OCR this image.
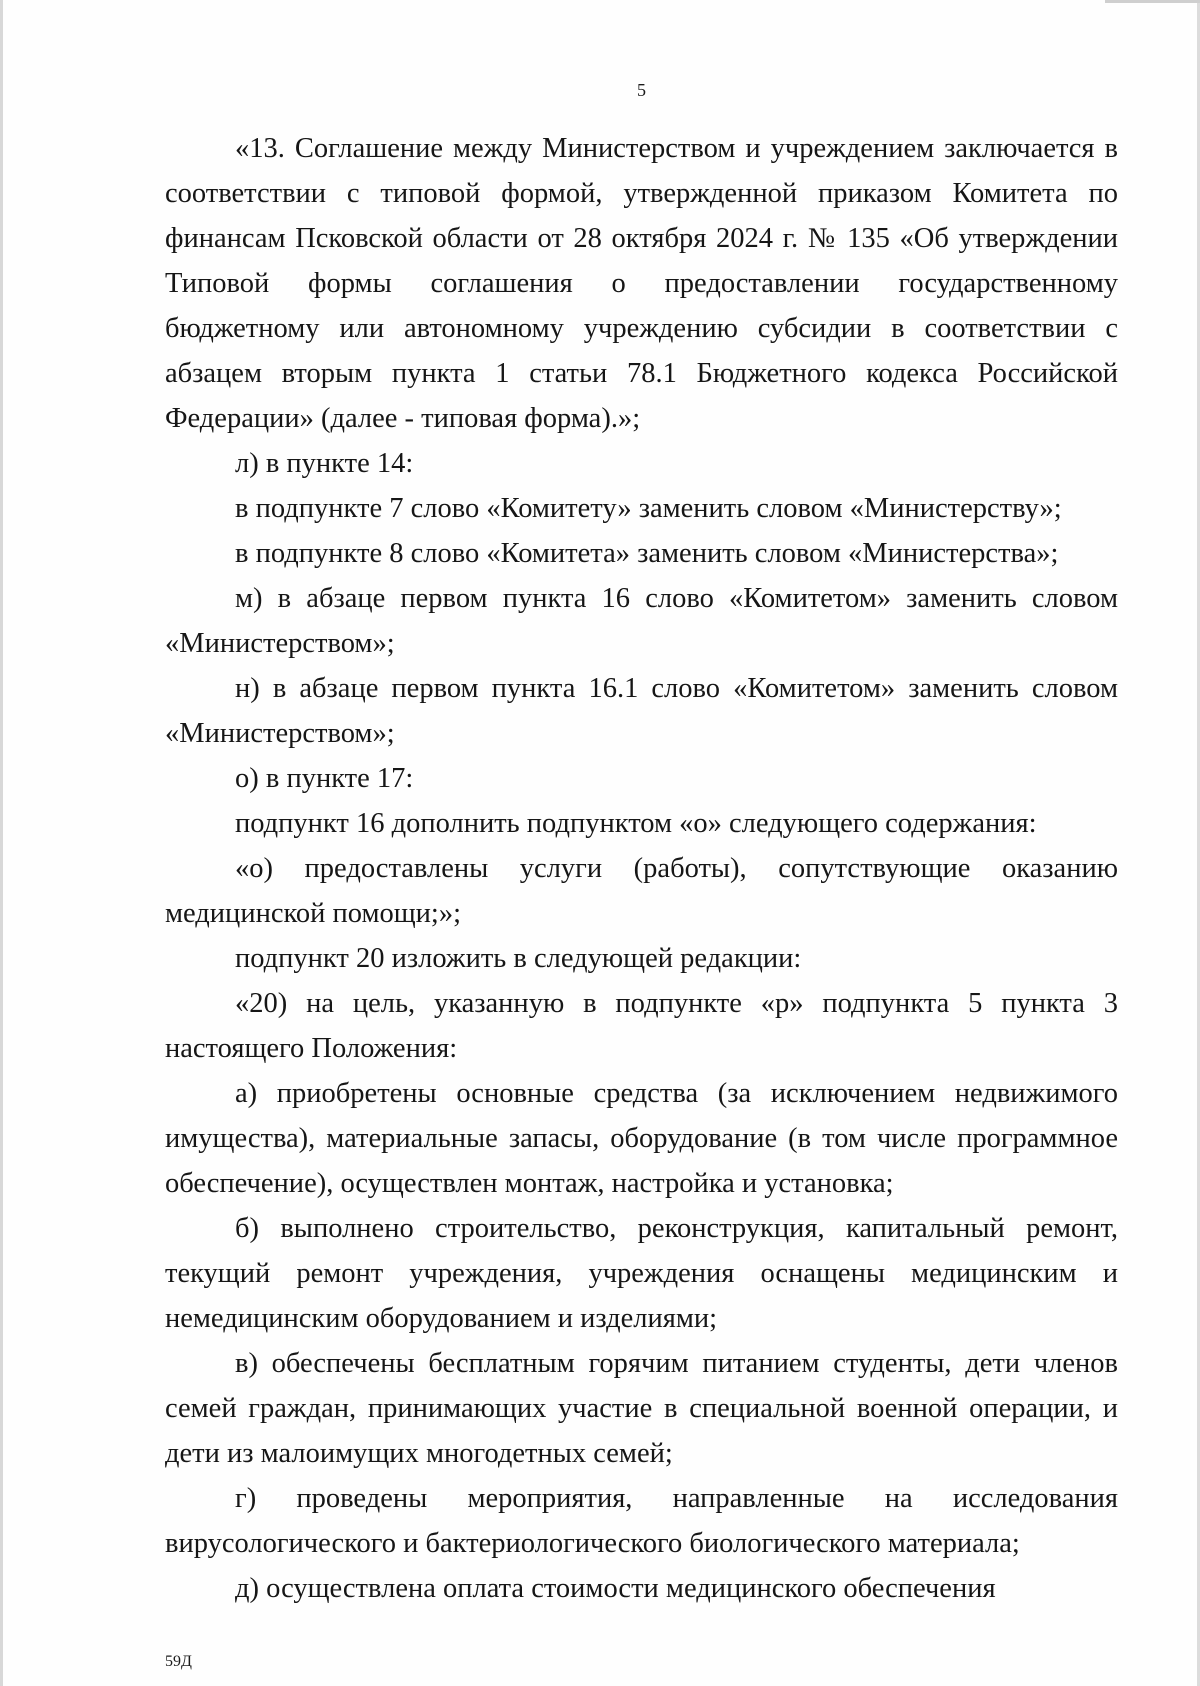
5

«13. Соглашение между Министерством и учреждением заключается в соответствии с типовой формой, утвержденной приказом Комитета по финансам Псковской области от 28 октября 2024 г. № 135 «Об утверждении Типовой формы соглашения о предоставлении государственному бюджетному или автономному учреждению субсидии в соответствии с абзацем вторым пункта 1 статьи 78.1 Бюджетного кодекса Российской Федерации» (далее - типовая форма).»;

л) в пункте 14:

в подпункте 7 слово «Комитету» заменить словом «Министерству»;

в подпункте 8 слово «Комитета» заменить словом «Министерства»;

м) в абзаце первом пункта 16 слово «Комитетом» заменить словом «Министерством»;

н) в абзаце первом пункта 16.1 слово «Комитетом» заменить словом «Министерством»;

о) в пункте 17:

подпункт 16 дополнить подпунктом «о» следующего содержания:

«о) предоставлены услуги (работы), сопутствующие оказанию медицинской помощи;»;

подпункт 20 изложить в следующей редакции:

«20) на цель, указанную в подпункте «р» подпункта 5 пункта 3 настоящего Положения:

а) приобретены основные средства (за исключением недвижимого имущества), материальные запасы, оборудование (в том числе программное обеспечение), осуществлен монтаж, настройка и установка;

б) выполнено строительство, реконструкция, капитальный ремонт, текущий ремонт учреждения, учреждения оснащены медицинским и немедицинским оборудованием и изделиями;

в) обеспечены бесплатным горячим питанием студенты, дети членов семей граждан, принимающих участие в специальной военной операции, и дети из малоимущих многодетных семей;

г) проведены мероприятия, направленные на исследования вирусологического и бактериологического биологического материала;

д) осуществлена оплата стоимости медицинского обеспечения

59Д
